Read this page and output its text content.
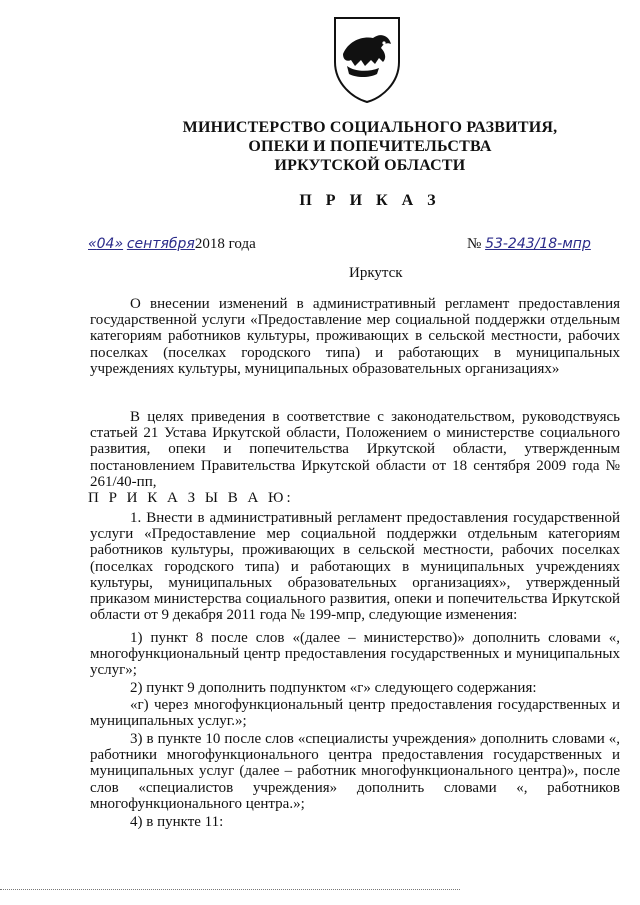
МИНИСТЕРСТВО СОЦИАЛЬНОГО РАЗВИТИЯ,
ОПЕКИ И ПОПЕЧИТЕЛЬСТВА
ИРКУТСКОЙ ОБЛАСТИ
П Р И К А З
«04» сентября2018 года	№ 53-243/18-мпр
Иркутск

О внесении изменений в административный регламент предоставления государственной услуги «Предоставление мер социальной поддержки отдельным категориям работников культуры, проживающих в сельской местности, рабочих поселках (поселках городского типа) и работающих в муниципальных учреждениях культуры, муниципальных образовательных организациях»

В целях приведения в соответствие с законодательством, руководствуясь статьей 21 Устава Иркутской области, Положением о министерстве социального развития, опеки и попечительства Иркутской области, утвержденным постановлением Правительства Иркутской области от 18 сентября 2009 года № 261/40-пп,

П Р И К А З Ы В А Ю:

1. Внести в административный регламент предоставления государственной услуги «Предоставление мер социальной поддержки отдельным категориям работников культуры, проживающих в сельской местности, рабочих поселках (поселках городского типа) и работающих в муниципальных учреждениях культуры, муниципальных образовательных организациях», утвержденный приказом министерства социального развития, опеки и попечительства Иркутской области от 9 декабря 2011 года № 199-мпр, следующие изменения:

1) пункт 8 после слов «(далее – министерство)» дополнить словами «, многофункциональный центр предоставления государственных и муниципальных услуг»;

2) пункт 9 дополнить подпунктом «г» следующего содержания:

«г) через многофункциональный центр предоставления государственных и муниципальных услуг.»;

3) в пункте 10 после слов «специалисты учреждения» дополнить словами «, работники многофункционального центра предоставления государственных и муниципальных услуг (далее – работник многофункционального центра)», после слов «специалистов учреждения» дополнить словами «, работников многофункционального центра.»;

4) в пункте 11:
